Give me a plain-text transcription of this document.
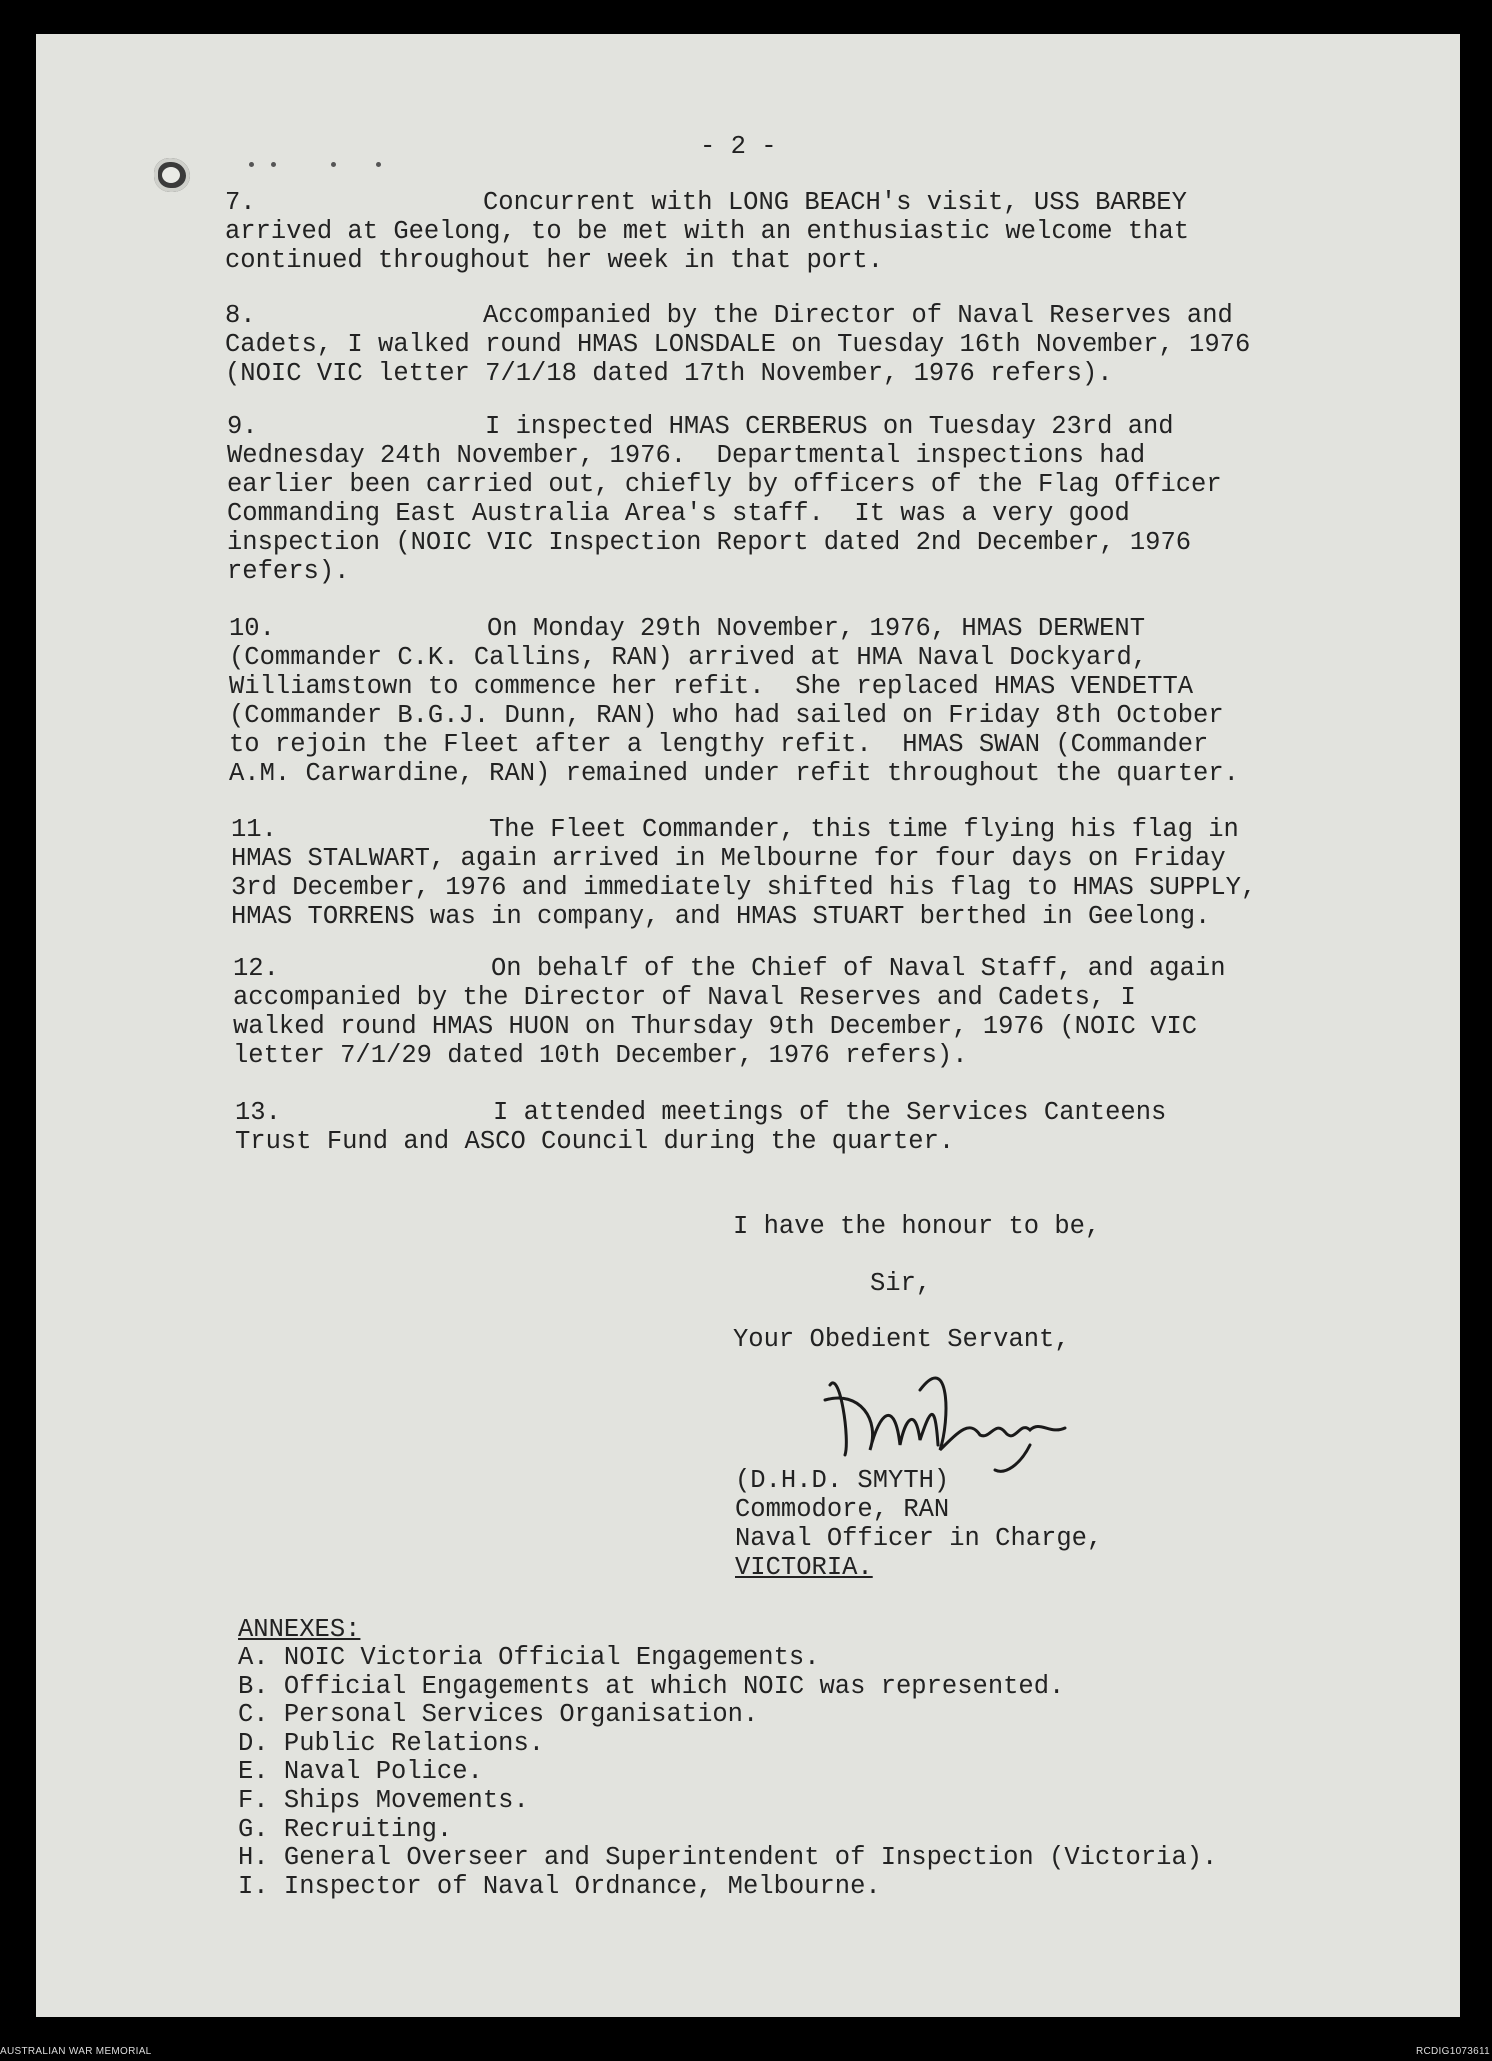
- 2 -
7.	Concurrent with LONG BEACH's visit, USS BARBEY
arrived at Geelong, to be met with an enthusiastic welcome that
continued throughout her week in that port.
8.	Accompanied by the Director of Naval Reserves and
Cadets, I walked round HMAS LONSDALE on Tuesday 16th November, 1976
(NOIC VIC letter 7/1/18 dated 17th November, 1976 refers).
9.	I inspected HMAS CERBERUS on Tuesday 23rd and
Wednesday 24th November, 1976.  Departmental inspections had
earlier been carried out, chiefly by officers of the Flag Officer
Commanding East Australia Area's staff.  It was a very good
inspection (NOIC VIC Inspection Report dated 2nd December, 1976
refers).
10.	On Monday 29th November, 1976, HMAS DERWENT
(Commander C.K. Callins, RAN) arrived at HMA Naval Dockyard,
Williamstown to commence her refit.  She replaced HMAS VENDETTA
(Commander B.G.J. Dunn, RAN) who had sailed on Friday 8th October
to rejoin the Fleet after a lengthy refit.  HMAS SWAN (Commander
A.M. Carwardine, RAN) remained under refit throughout the quarter.
11.	The Fleet Commander, this time flying his flag in
HMAS STALWART, again arrived in Melbourne for four days on Friday
3rd December, 1976 and immediately shifted his flag to HMAS SUPPLY,
HMAS TORRENS was in company, and HMAS STUART berthed in Geelong.
12.	On behalf of the Chief of Naval Staff, and again
accompanied by the Director of Naval Reserves and Cadets, I
walked round HMAS HUON on Thursday 9th December, 1976 (NOIC VIC
letter 7/1/29 dated 10th December, 1976 refers).
13.	I attended meetings of the Services Canteens
Trust Fund and ASCO Council during the quarter.
I have the honour to be,
Sir,
Your Obedient Servant,
(D.H.D. SMYTH)
Commodore, RAN
Naval Officer in Charge,
VICTORIA.
ANNEXES:
A. NOIC Victoria Official Engagements.
B. Official Engagements at which NOIC was represented.
C. Personal Services Organisation.
D. Public Relations.
E. Naval Police.
F. Ships Movements.
G. Recruiting.
H. General Overseer and Superintendent of Inspection (Victoria).
I. Inspector of Naval Ordnance, Melbourne.
AUSTRALIAN WAR MEMORIAL	RCDIG1073611
